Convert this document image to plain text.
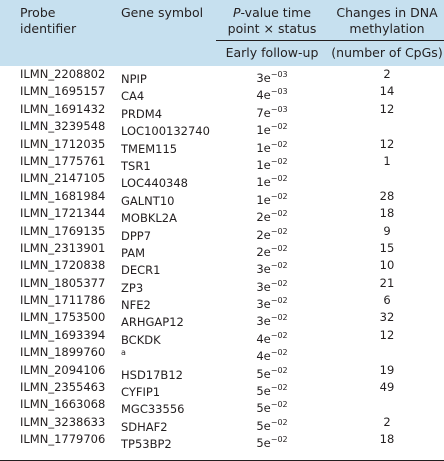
Probe identifier
Gene symbol	P-value time point × status
Changes in DNA methylation
Early follow-up	(number of CpGs)
ILMN_2208802 NPIP	$3e^{-03}$	2
ILMN_1695157 CA4	$4e^{-03}$	14
ILMN_1691432 PRDM4	$7e^{-03}$	12
ILMN_3239548 LOC100132740	$1e^{-02}$
ILMN_1712035 TMEM115	$1e^{-02}$	12
ILMN_1775761 TSR1	$1e^{-02}$	1
ILMN_2147105 LOC440348	$1e^{-02}$
ILMN_1681984 GALNT10	$1e^{-02}$	28
ILMN_1721344 MOBKL2A	$2e^{-02}$	18
ILMN_1769135 DPP7	$2e^{-02}$	9
ILMN_2313901 PAM	$2e^{-02}$	15
ILMN_1720838 DECR1	$3e^{-02}$	10
ILMN_1805377 ZP3	$3e^{-02}$	21
ILMN_1711786 NFE2	$3e^{-02}$	6
ILMN_1753500 ARHGAP12	$3e^{-02}$	32
ILMN_1693394 BCKDK	$4e^{-02}$	12
ILMN_1899760 $^a$	$4e^{-02}$
ILMN_2094106 HSD17B12	$5e^{-02}$	19
ILMN_2355463 CYFIP1	$5e^{-02}$	49
ILMN_1663068 MGC33556	$5e^{-02}$
ILMN_3238633 SDHAF2	$5e^{-02}$	2
ILMN_1779706 TP53BP2	$5e^{-02}$	18
